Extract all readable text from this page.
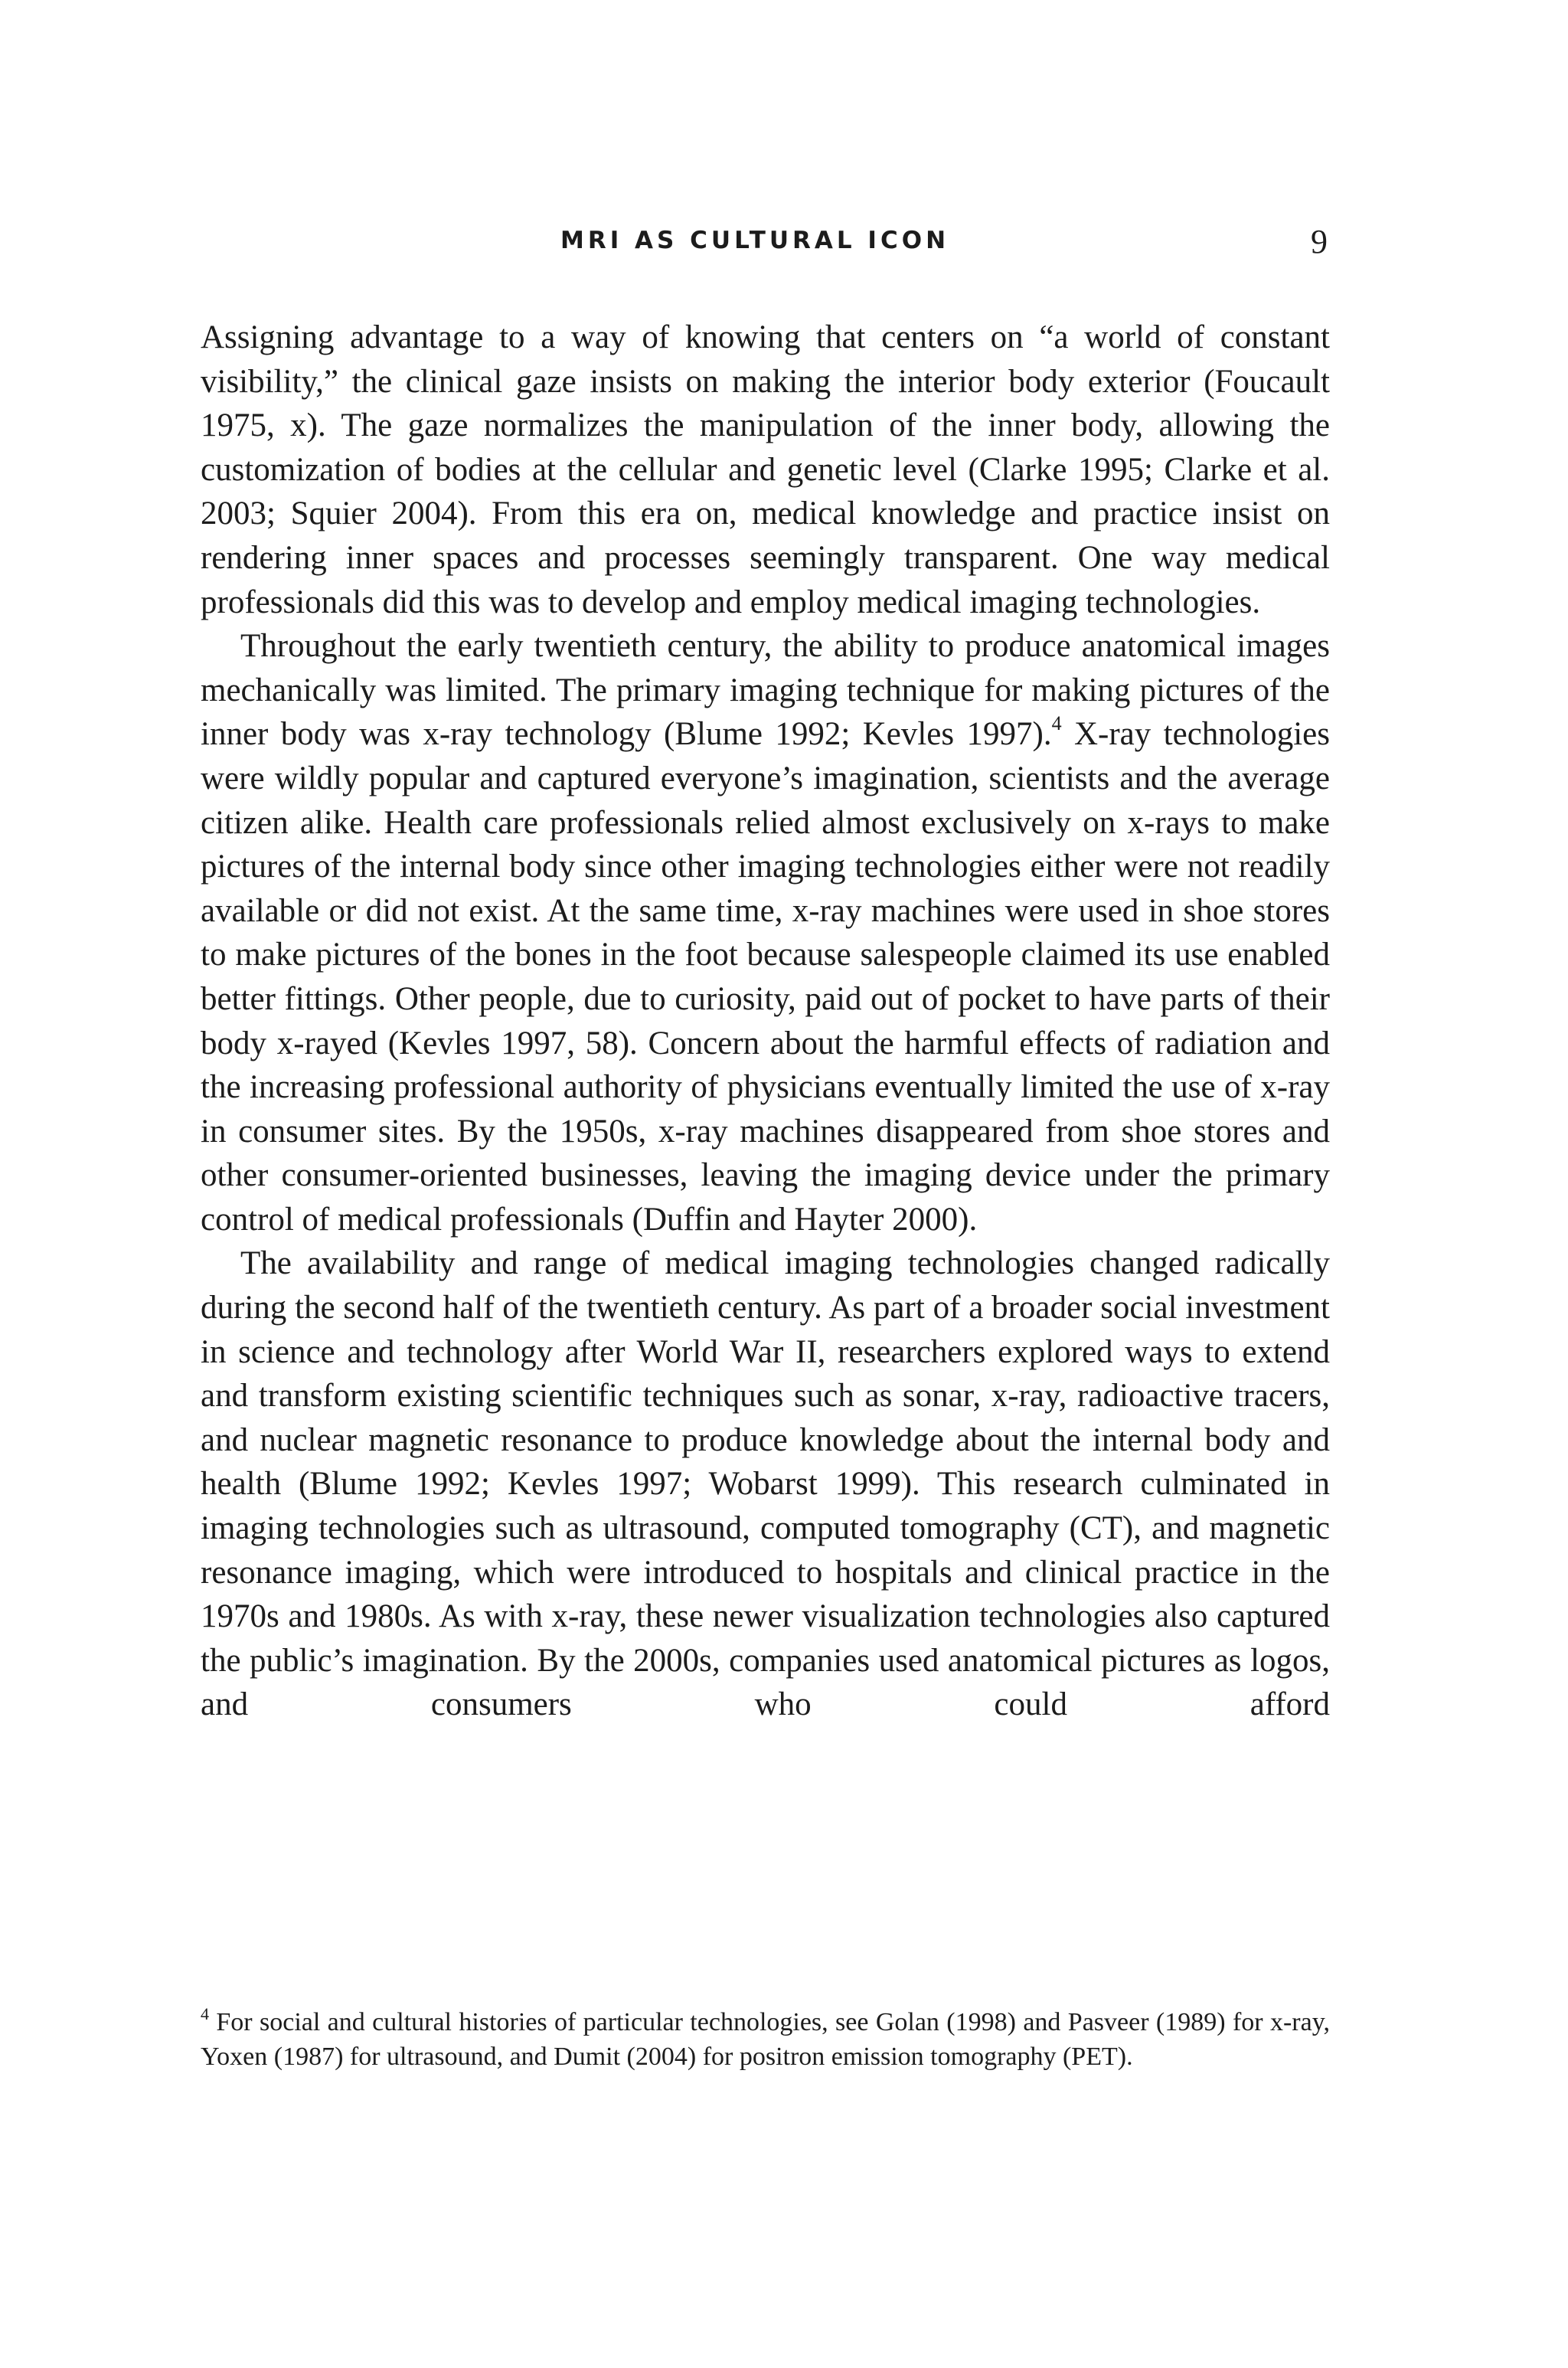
MRI AS CULTURAL ICON	9

Assigning advantage to a way of knowing that centers on “a world of constant visibility,” the clinical gaze insists on making the interior body exterior (Foucault 1975, x). The gaze normalizes the manipulation of the inner body, allowing the customization of bodies at the cellular and genetic level (Clarke 1995; Clarke et al. 2003; Squier 2004). From this era on, medical knowledge and practice insist on rendering inner spaces and processes seemingly transparent. One way medical professionals did this was to develop and employ medical imaging technologies.

Throughout the early twentieth century, the ability to produce anatomical images mechanically was limited. The primary imaging technique for making pictures of the inner body was x-ray technology (Blume 1992; Kevles 1997).$^4$ X-ray technologies were wildly popular and captured everyone’s imagination, scientists and the average citizen alike. Health care professionals relied almost exclusively on x-rays to make pictures of the internal body since other imaging technologies either were not readily available or did not exist. At the same time, x-ray machines were used in shoe stores to make pictures of the bones in the foot because salespeople claimed its use enabled better fittings. Other people, due to curiosity, paid out of pocket to have parts of their body x-rayed (Kevles 1997, 58). Concern about the harmful effects of radiation and the increasing professional authority of physicians eventually limited the use of x-ray in consumer sites. By the 1950s, x-ray machines disappeared from shoe stores and other consumer-oriented businesses, leaving the imaging device under the primary control of medical professionals (Duffin and Hayter 2000).

The availability and range of medical imaging technologies changed radically during the second half of the twentieth century. As part of a broader social investment in science and technology after World War II, researchers explored ways to extend and transform existing scientific techniques such as sonar, x-ray, radioactive tracers, and nuclear magnetic resonance to produce knowledge about the internal body and health (Blume 1992; Kevles 1997; Wobarst 1999). This research culminated in imaging technologies such as ultrasound, computed tomography (CT), and magnetic resonance imaging, which were introduced to hospitals and clinical practice in the 1970s and 1980s. As with x-ray, these newer visualization technologies also captured the public’s imagination. By the 2000s, companies used anatomical pictures as logos, and consumers who could afford

$^4$ For social and cultural histories of particular technologies, see Golan (1998) and Pasveer (1989) for x-ray, Yoxen (1987) for ultrasound, and Dumit (2004) for positron emission tomography (PET).
